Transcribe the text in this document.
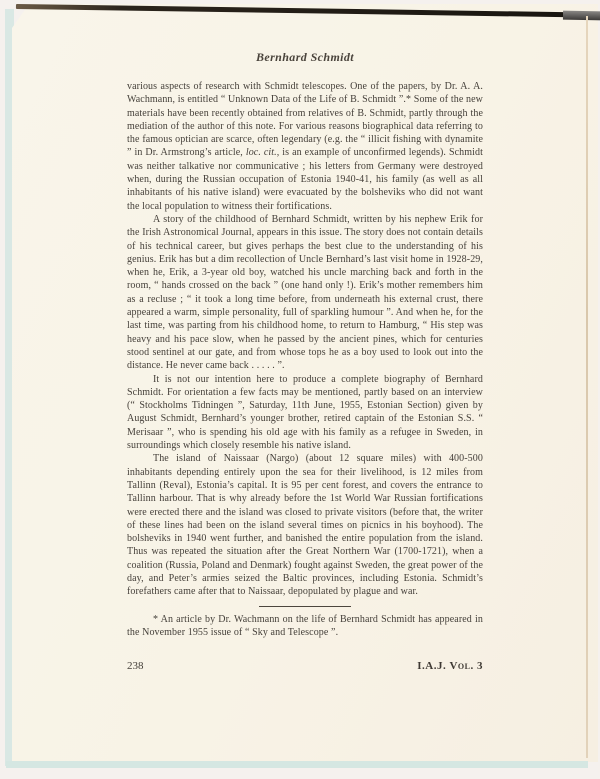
Bernhard Schmidt

various aspects of research with Schmidt telescopes. One of the papers, by Dr. A. A. Wachmann, is entitled “ Unknown Data of the Life of B. Schmidt ”.* Some of the new materials have been recently obtained from relatives of B. Schmidt, partly through the mediation of the author of this note. For various reasons biographical data referring to the famous optician are scarce, often legendary (e.g. the “ illicit fishing with dynamite ” in Dr. Armstrong’s article, loc. cit., is an example of unconfirmed legends). Schmidt was neither talkative nor communicative ; his letters from Germany were destroyed when, during the Russian occupation of Estonia 1940-41, his family (as well as all inhabitants of his native island) were evacuated by the bolsheviks who did not want the local population to witness their fortifications.

A story of the childhood of Bernhard Schmidt, written by his nephew Erik for the Irish Astronomical Journal, appears in this issue. The story does not contain details of his technical career, but gives perhaps the best clue to the understanding of his genius. Erik has but a dim recollection of Uncle Bernhard’s last visit home in 1928-29, when he, Erik, a 3-year old boy, watched his uncle marching back and forth in the room, “ hands crossed on the back ” (one hand only !). Erik’s mother remembers him as a recluse ; “ it took a long time before, from underneath his external crust, there appeared a warm, simple personality, full of sparkling humour ”. And when he, for the last time, was parting from his childhood home, to return to Hamburg, “ His step was heavy and his pace slow, when he passed by the ancient pines, which for centuries stood sentinel at our gate, and from whose tops he as a boy used to look out into the distance. He never came back . . . . . ”.

It is not our intention here to produce a complete biography of Bernhard Schmidt. For orientation a few facts may be mentioned, partly based on an interview (“ Stockholms Tidningen ”, Saturday, 11th June, 1955, Estonian Section) given by August Schmidt, Bernhard’s younger brother, retired captain of the Estonian S.S. “ Merisaar ”, who is spending his old age with his family as a refugee in Sweden, in surroundings which closely resemble his native island.

The island of Naissaar (Nargo) (about 12 square miles) with 400-500 inhabitants depending entirely upon the sea for their livelihood, is 12 miles from Tallinn (Reval), Estonia’s capital. It is 95 per cent forest, and covers the entrance to Tallinn harbour. That is why already before the 1st World War Russian fortifications were erected there and the island was closed to private visitors (before that, the writer of these lines had been on the island several times on picnics in his boyhood). The bolsheviks in 1940 went further, and banished the entire population from the island. Thus was repeated the situation after the Great Northern War (1700-1721), when a coalition (Russia, Poland and Denmark) fought against Sweden, the great power of the day, and Peter’s armies seized the Baltic provinces, including Estonia. Schmidt’s forefathers came after that to Naissaar, depopulated by plague and war.

* An article by Dr. Wachmann on the life of Bernhard Schmidt has appeared in the November 1955 issue of “ Sky and Telescope ”.

238	I.A.J. Vol. 3
